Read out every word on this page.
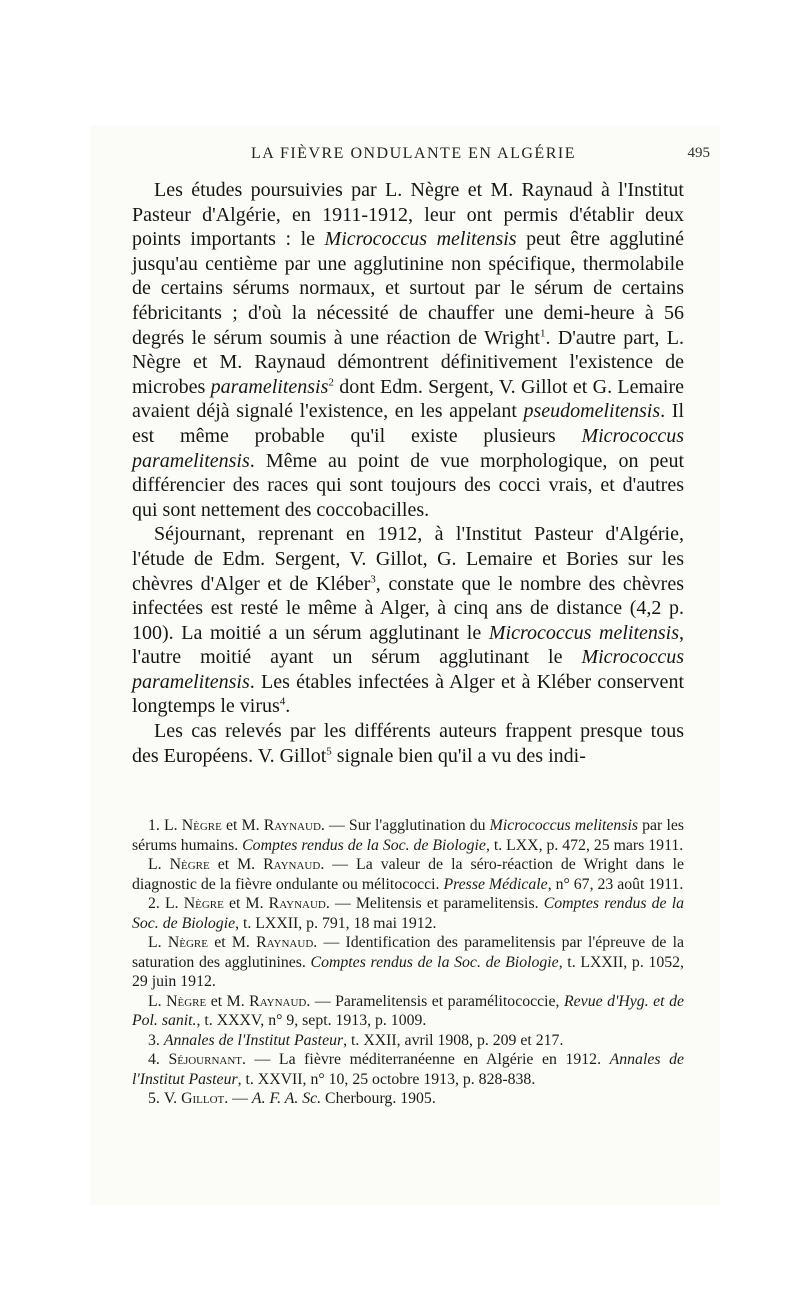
LA FIÈVRE ONDULANTE EN ALGÉRIE	495

Les études poursuivies par L. Nègre et M. Raynaud à l'Institut Pasteur d'Algérie, en 1911-1912, leur ont permis d'établir deux points importants : le Micrococcus melitensis peut être agglutiné jusqu'au centième par une agglutinine non spécifique, thermolabile de certains sérums normaux, et surtout par le sérum de certains fébricitants ; d'où la nécessité de chauffer une demi-heure à 56 degrés le sérum soumis à une réaction de Wright$^1$. D'autre part, L. Nègre et M. Raynaud démontrent définitivement l'existence de microbes paramelitensis$^2$ dont Edm. Sergent, V. Gillot et G. Lemaire avaient déjà signalé l'existence, en les appelant pseudomelitensis. Il est même probable qu'il existe plusieurs Micrococcus paramelitensis. Même au point de vue morphologique, on peut différencier des races qui sont toujours des cocci vrais, et d'autres qui sont nettement des coccobacilles.

Séjournant, reprenant en 1912, à l'Institut Pasteur d'Algérie, l'étude de Edm. Sergent, V. Gillot, G. Lemaire et Bories sur les chèvres d'Alger et de Kléber$^3$, constate que le nombre des chèvres infectées est resté le même à Alger, à cinq ans de distance (4,2 p. 100). La moitié a un sérum agglutinant le Micrococcus melitensis, l'autre moitié ayant un sérum agglutinant le Micrococcus paramelitensis. Les étables infectées à Alger et à Kléber conservent longtemps le virus$^4$.

Les cas relevés par les différents auteurs frappent presque tous des Européens. V. Gillot$^5$ signale bien qu'il a vu des indi-

1. L. Nègre et M. Raynaud. — Sur l'agglutination du Micrococcus melitensis par les sérums humains. Comptes rendus de la Soc. de Biologie, t. LXX, p. 472, 25 mars 1911.

L. Nègre et M. Raynaud. — La valeur de la séro-réaction de Wright dans le diagnostic de la fièvre ondulante ou mélitococci. Presse Médicale, n° 67, 23 août 1911.

2. L. Nègre et M. Raynaud. — Melitensis et paramelitensis. Comptes rendus de la Soc. de Biologie, t. LXXII, p. 791, 18 mai 1912.

L. Nègre et M. Raynaud. — Identification des paramelitensis par l'épreuve de la saturation des agglutinines. Comptes rendus de la Soc. de Biologie, t. LXXII, p. 1052, 29 juin 1912.

L. Nègre et M. Raynaud. — Paramelitensis et paramélitococcie, Revue d'Hyg. et de Pol. sanit., t. XXXV, n° 9, sept. 1913, p. 1009.

3. Annales de l'Institut Pasteur, t. XXII, avril 1908, p. 209 et 217.

4. Séjournant. — La fièvre méditerranéenne en Algérie en 1912. Annales de l'Institut Pasteur, t. XXVII, n° 10, 25 octobre 1913, p. 828-838.

5. V. Gillot. — A. F. A. Sc. Cherbourg. 1905.
